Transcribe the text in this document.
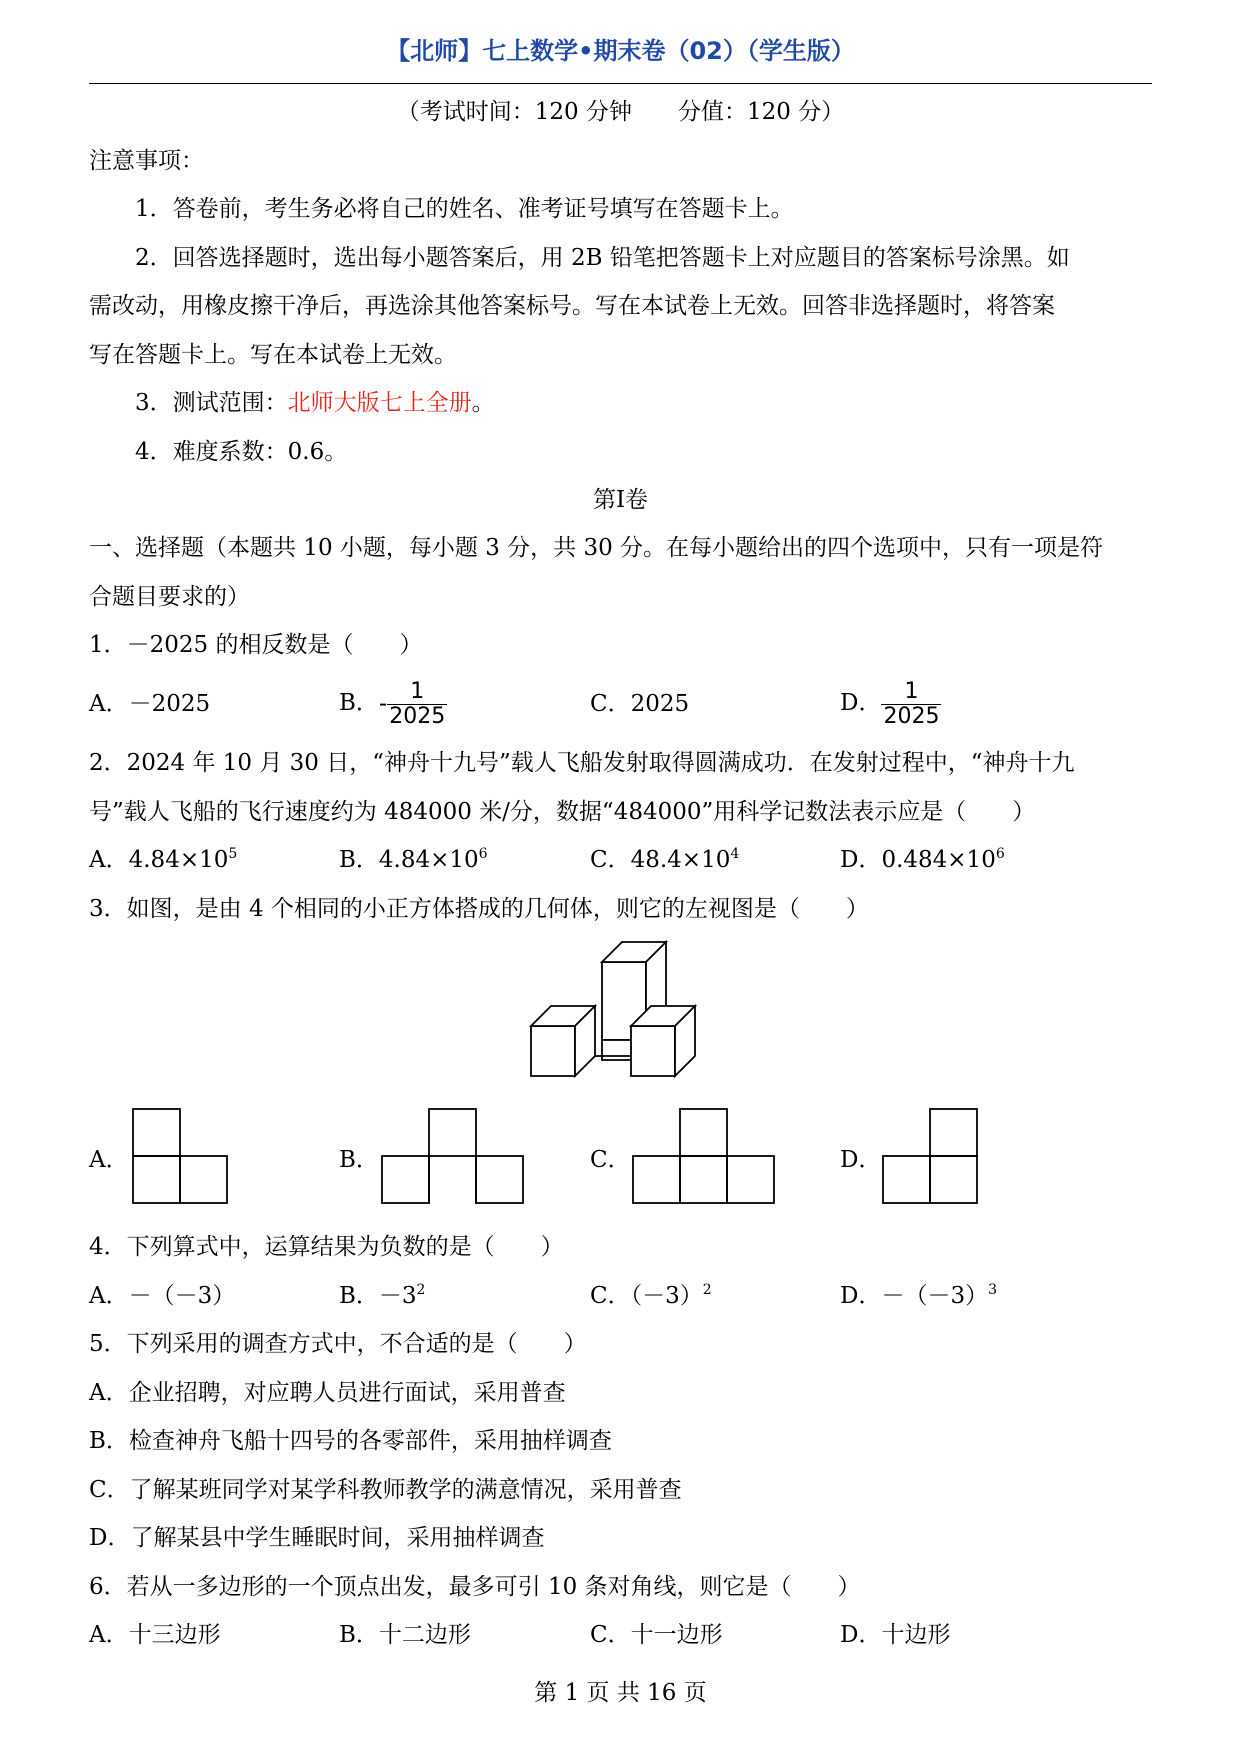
【北师】七上数学•期末卷（02）（学生版）
（考试时间：120 分钟　　分值：120 分）
注意事项：
1．答卷前，考生务必将自己的姓名、准考证号填写在答题卡上。
2．回答选择题时，选出每小题答案后，用 2B 铅笔把答题卡上对应题目的答案标号涂黑。如
需改动，用橡皮擦干净后，再选涂其他答案标号。写在本试卷上无效。回答非选择题时，将答案
写在答题卡上。写在本试卷上无效。
3．测试范围：北师大版七上全册。
4．难度系数：0.6。
第I卷
一、选择题（本题共 10 小题，每小题 3 分，共 30 分。在每小题给出的四个选项中，只有一项是符
合题目要求的）
1．－2025 的相反数是（　　）
A．－2025	B．- $\frac{1}{2025}$	C．2025	D． $\frac{1}{2025}$
2．2024 年 10 月 30 日，“神舟十九号”载人飞船发射取得圆满成功．在发射过程中，“神舟十九
号”载人飞船的飞行速度约为 484000 米/分，数据“484000”用科学记数法表示应是（　　）
A．$4.84\times 10^5$	B．$4.84\times 10^6$	C．$48.4\times 10^4$	D．$0.484\times 10^6$
3．如图，是由 4 个相同的小正方体搭成的几何体，则它的左视图是（　　）
A．	B．	C．	D．
4．下列算式中，运算结果为负数的是（　　）
A．－（－3）	B．$-3^2$	C．$(-3)^2$	D．$-(-3)^3$
5．下列采用的调查方式中，不合适的是（　　）
A．企业招聘，对应聘人员进行面试，采用普查
B．检查神舟飞船十四号的各零部件，采用抽样调查
C．了解某班同学对某学科教师教学的满意情况，采用普查
D．了解某县中学生睡眠时间，采用抽样调查
6．若从一多边形的一个顶点出发，最多可引 10 条对角线，则它是（　　）
A．十三边形	B．十二边形	C．十一边形	D．十边形
第 1 页 共 16 页
